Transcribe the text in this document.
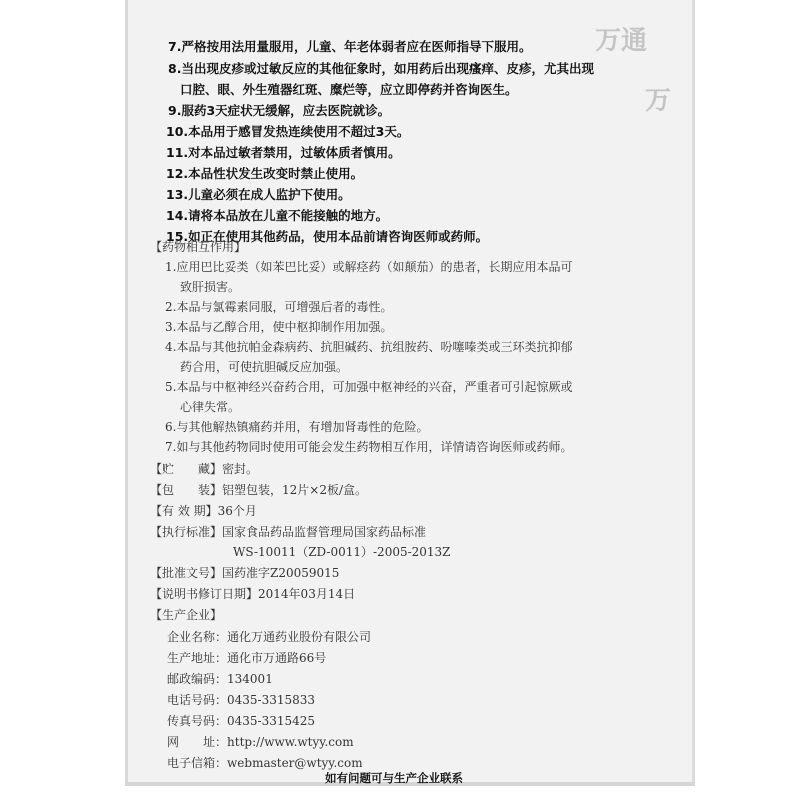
万通
万
7.严格按用法用量服用，儿童、年老体弱者应在医师指导下服用。
8.当出现皮疹或过敏反应的其他征象时，如用药后出现瘙痒、皮疹，尤其出现
口腔、眼、外生殖器红斑、糜烂等，应立即停药并咨询医生。
9.服药3天症状无缓解，应去医院就诊。
10.本品用于感冒发热连续使用不超过3天。
11.对本品过敏者禁用，过敏体质者慎用。
12.本品性状发生改变时禁止使用。
13.儿童必须在成人监护下使用。
14.请将本品放在儿童不能接触的地方。
15.如正在使用其他药品，使用本品前请咨询医师或药师。
【药物相互作用】
1.应用巴比妥类（如苯巴比妥）或解痉药（如颠茄）的患者，长期应用本品可
致肝损害。
2.本品与氯霉素同服，可增强后者的毒性。
3.本品与乙醇合用，使中枢抑制作用加强。
4.本品与其他抗帕金森病药、抗胆碱药、抗组胺药、吩噻嗪类或三环类抗抑郁
药合用，可使抗胆碱反应加强。
5.本品与中枢神经兴奋药合用，可加强中枢神经的兴奋，严重者可引起惊厥或
心律失常。
6.与其他解热镇痛药并用，有增加肾毒性的危险。
7.如与其他药物同时使用可能会发生药物相互作用，详情请咨询医师或药师。
【贮　　藏】密封。
【包　　装】铝塑包装，12片×2板/盒。
【有 效 期】36个月
【执行标准】国家食品药品监督管理局国家药品标准
WS-10011（ZD-0011）-2005-2013Z
【批准文号】国药准字Z20059015
【说明书修订日期】2014年03月14日
【生产企业】
企业名称：通化万通药业股份有限公司
生产地址：通化市万通路66号
邮政编码：134001
电话号码：0435-3315833
传真号码：0435-3315425
网　　址：http://www.wtyy.com
电子信箱：webmaster@wtyy.com
如有问题可与生产企业联系
